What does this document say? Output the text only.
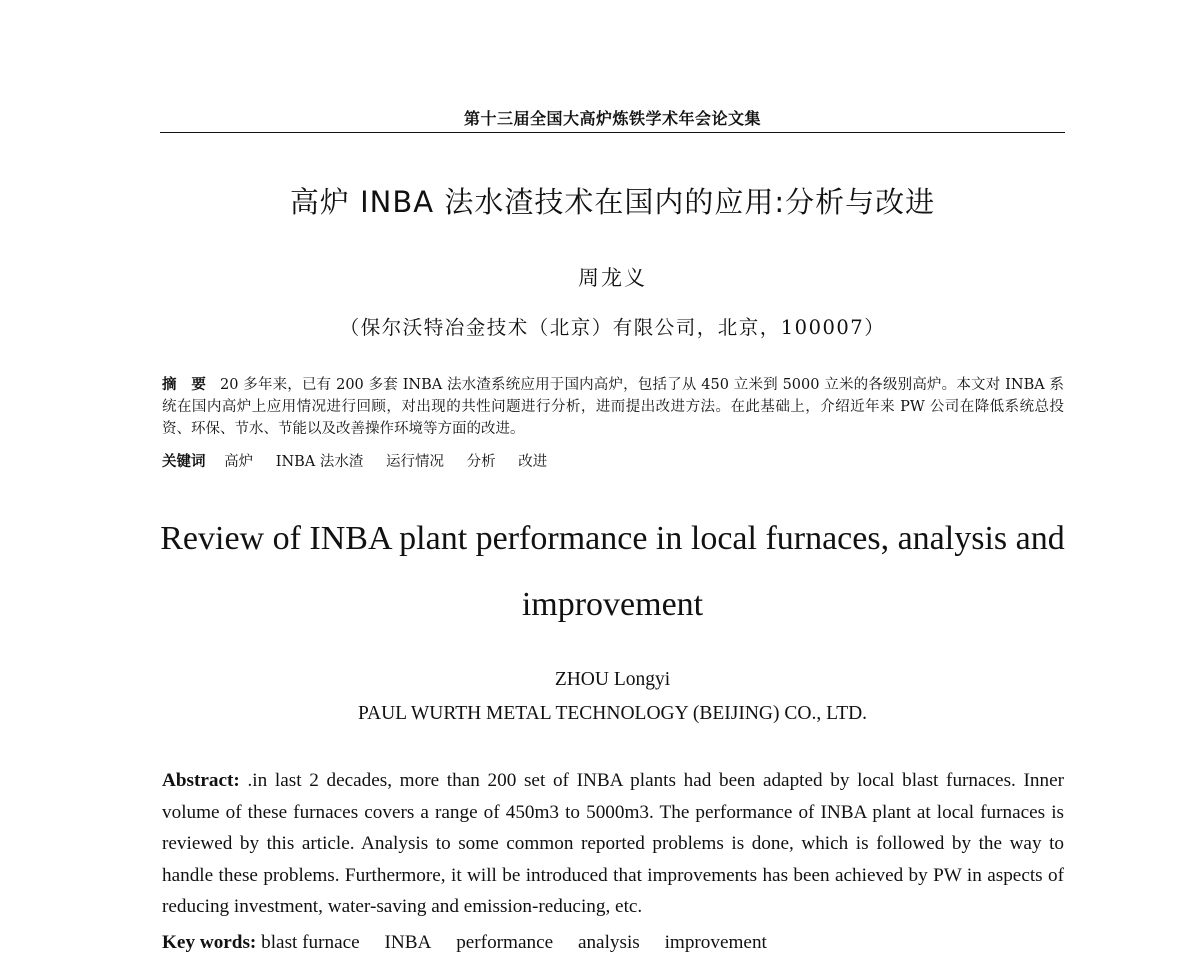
第十三届全国大高炉炼铁学术年会论文集
高炉 INBA 法水渣技术在国内的应用:分析与改进
周龙义
（保尔沃特冶金技术（北京）有限公司，北京，100007）
摘　要 20 多年来，已有 200 多套 INBA 法水渣系统应用于国内高炉，包括了从 450 立米到 5000 立米的各级别高炉。本文对 INBA 系统在国内高炉上应用情况进行回顾，对出现的共性问题进行分析，进而提出改进方法。在此基础上，介绍近年来 PW 公司在降低系统总投资、环保、节水、节能以及改善操作环境等方面的改进。
关键词 高炉 INBA 法水渣 运行情况 分析 改进
Review of INBA plant performance in local furnaces, analysis and
improvement
ZHOU Longyi
PAUL WURTH METAL TECHNOLOGY (BEIJING) CO., LTD.
Abstract: .in last 2 decades, more than 200 set of INBA plants had been adapted by local blast furnaces. Inner volume of these furnaces covers a range of 450m3 to 5000m3. The performance of INBA plant at local furnaces is reviewed by this article. Analysis to some common reported problems is done, which is followed by the way to handle these problems. Furthermore, it will be introduced that improvements has been achieved by PW in aspects of reducing investment, water-saving and emission-reducing, etc.
Key words: blast furnace INBA performance analysis improvement
